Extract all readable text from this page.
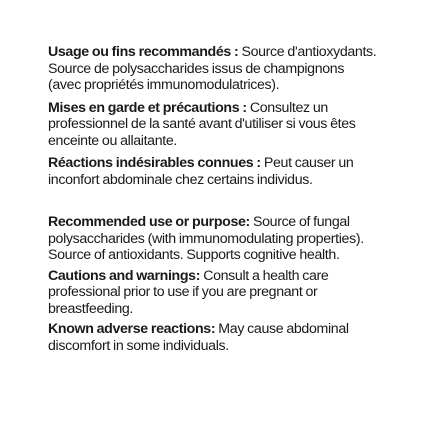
Usage ou fins recommandés : Source d'antioxydants.
Source de polysaccharides issus de champignons
(avec propriétés immunomodulatrices).

Mises en garde et précautions : Consultez un
professionnel de la santé avant d'utiliser si vous êtes
enceinte ou allaitante.

Réactions indésirables connues : Peut causer un
inconfort abdominale chez certains individus.

Recommended use or purpose: Source of fungal
polysaccharides (with immunomodulating properties).
Source of antioxidants. Supports cognitive health.

Cautions and warnings: Consult a health care
professional prior to use if you are pregnant or
breastfeeding.

Known adverse reactions: May cause abdominal
discomfort in some individuals.
